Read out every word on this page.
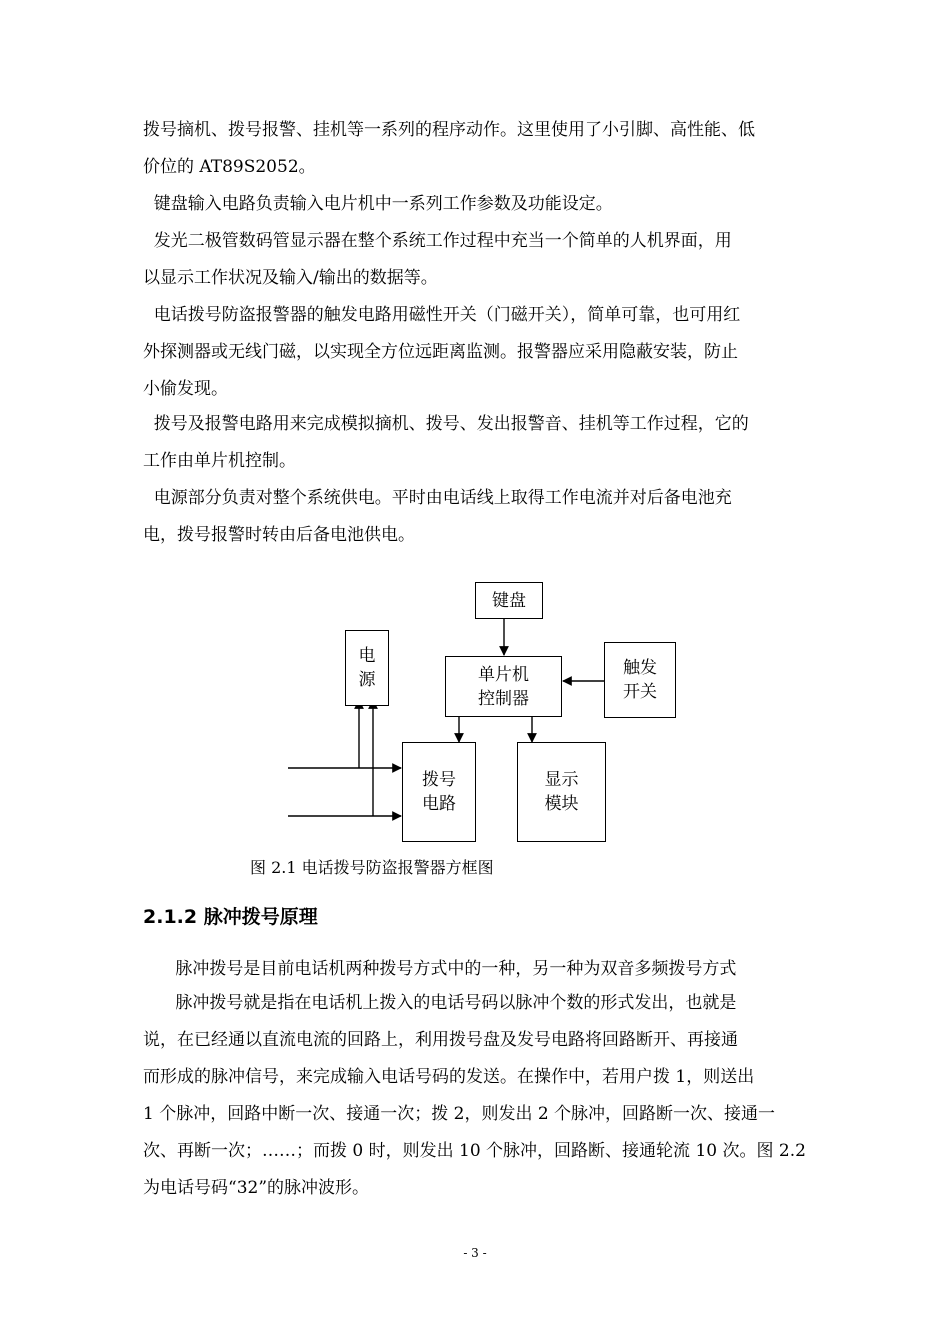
拨号摘机、拨号报警、挂机等一系列的程序动作。这里使用了小引脚、高性能、低
价位的 AT89S2052。
键盘输入电路负责输入电片机中一系列工作参数及功能设定。
发光二极管数码管显示器在整个系统工作过程中充当一个简单的人机界面，用
以显示工作状况及输入/输出的数据等。
电话拨号防盗报警器的触发电路用磁性开关（门磁开关），简单可靠，也可用红
外探测器或无线门磁，以实现全方位远距离监测。报警器应采用隐蔽安装，防止
小偷发现。
拨号及报警电路用来完成模拟摘机、拨号、发出报警音、挂机等工作过程，它的
工作由单片机控制。
电源部分负责对整个系统供电。平时由电话线上取得工作电流并对后备电池充
电，拨号报警时转由后备电池供电。
键盘
电
源	单片机
控制器
触发
开关
拨号
电路
显示
模块
图 2.1 电话拨号防盗报警器方框图
2.1.2 脉冲拨号原理
脉冲拨号是目前电话机两种拨号方式中的一种，另一种为双音多频拨号方式
脉冲拨号就是指在电话机上拨入的电话号码以脉冲个数的形式发出，也就是
说，在已经通以直流电流的回路上，利用拨号盘及发号电路将回路断开、再接通
而形成的脉冲信号，来完成输入电话号码的发送。在操作中，若用户拨 1，则送出
1 个脉冲，回路中断一次、接通一次；拨 2，则发出 2 个脉冲，回路断一次、接通一
次、再断一次；……；而拨 0 时，则发出 10 个脉冲，回路断、接通轮流 10 次。图 2.2
为电话号码“32”的脉冲波形。
- 3 -
